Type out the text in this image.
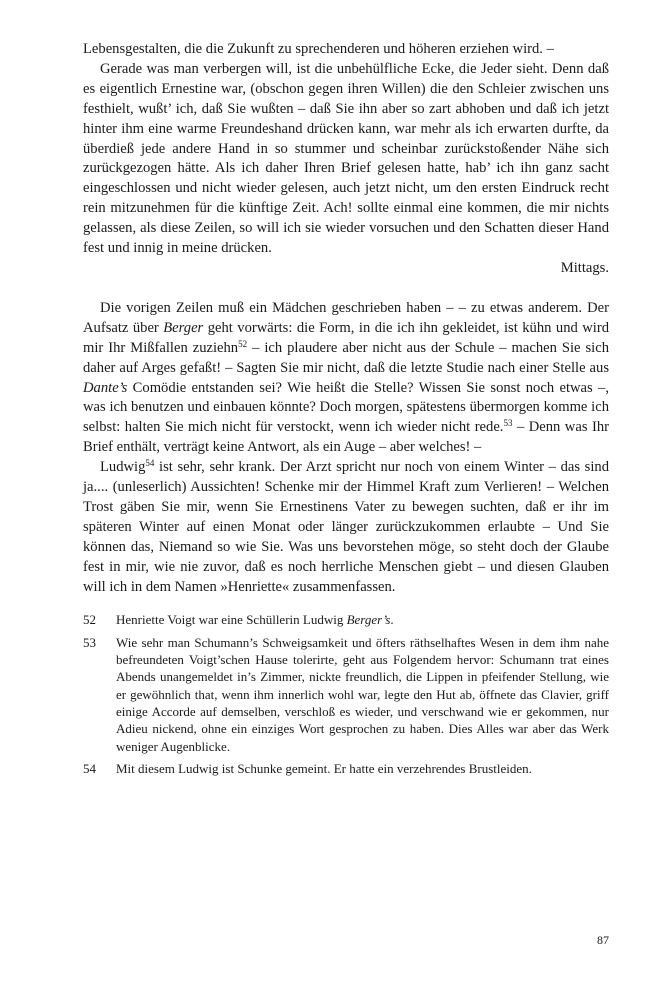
Lebensgestalten, die die Zukunft zu sprechenderen und höheren erziehen wird. –

Gerade was man verbergen will, ist die unbehülfliche Ecke, die Jeder sieht. Denn daß es eigentlich Ernestine war, (obschon gegen ihren Willen) die den Schleier zwischen uns festhielt, wußt’ ich, daß Sie wußten – daß Sie ihn aber so zart abhoben und daß ich jetzt hinter ihm eine warme Freundeshand drücken kann, war mehr als ich erwarten durfte, da überdieß jede andere Hand in so stummer und scheinbar zurückstoßender Nähe sich zurückgezogen hätte. Als ich daher Ihren Brief gelesen hatte, hab’ ich ihn ganz sacht eingeschlossen und nicht wieder gelesen, auch jetzt nicht, um den ersten Eindruck recht rein mitzunehmen für die künftige Zeit. Ach! sollte einmal eine kommen, die mir nichts gelassen, als diese Zeilen, so will ich sie wieder vorsuchen und den Schatten dieser Hand fest und innig in meine drücken.

Mittags.

Die vorigen Zeilen muß ein Mädchen geschrieben haben – – zu etwas anderem. Der Aufsatz über Berger geht vorwärts: die Form, in die ich ihn gekleidet, ist kühn und wird mir Ihr Mißfallen zuziehn$^{52}$ – ich plaudere aber nicht aus der Schule – machen Sie sich daher auf Arges gefaßt! – Sagten Sie mir nicht, daß die letzte Studie nach einer Stelle aus Dante’s Comödie entstanden sei? Wie heißt die Stelle? Wissen Sie sonst noch etwas –, was ich benutzen und einbauen könnte? Doch morgen, spätestens übermorgen komme ich selbst: halten Sie mich nicht für verstockt, wenn ich wieder nicht rede.$^{53}$ – Denn was Ihr Brief enthält, verträgt keine Antwort, als ein Auge – aber welches! –

Ludwig$^{54}$ ist sehr, sehr krank. Der Arzt spricht nur noch von einem Winter – das sind ja.... (unleserlich) Aussichten! Schenke mir der Himmel Kraft zum Verlieren! – Welchen Trost gäben Sie mir, wenn Sie Ernestinens Vater zu bewegen suchten, daß er ihr im späteren Winter auf einen Monat oder länger zurückzukommen erlaubte – Und Sie können das, Niemand so wie Sie. Was uns bevorstehen möge, so steht doch der Glaube fest in mir, wie nie zuvor, daß es noch herrliche Menschen giebt – und diesen Glauben will ich in dem Namen »Henriette« zusammenfassen.

52	Henriette Voigt war eine Schüllerin Ludwig Berger’s.
53	Wie sehr man Schumann’s Schweigsamkeit und öfters räthselhaftes Wesen in dem ihm nahe befreundeten Voigt’schen Hause tolerirte, geht aus Folgendem hervor: Schumann trat eines Abends unangemeldet in’s Zimmer, nickte freundlich, die Lippen in pfeifender Stellung, wie er gewöhnlich that, wenn ihm innerlich wohl war, legte den Hut ab, öffnete das Clavier, griff einige Accorde auf demselben, verschloß es wieder, und verschwand wie er gekommen, nur Adieu nickend, ohne ein einziges Wort gesprochen zu haben. Dies Alles war aber das Werk weniger Augenblicke.
54	Mit diesem Ludwig ist Schunke gemeint. Er hatte ein verzehrendes Brustleiden.
87
